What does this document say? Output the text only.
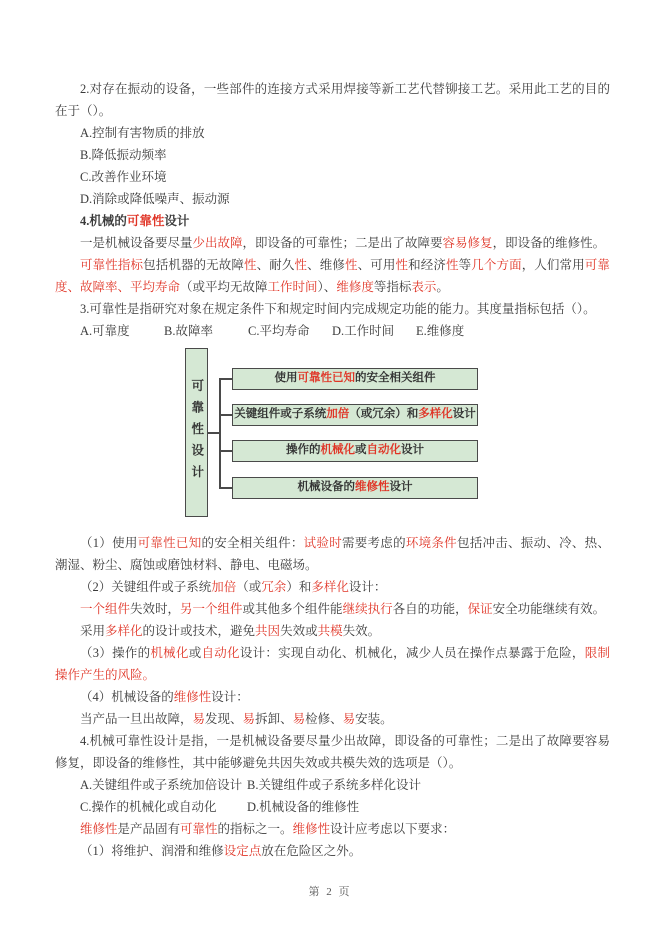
2.对存在振动的设备，一些部件的连接方式采用焊接等新工艺代替铆接工艺。采用此工艺的目的在于（）。

A.控制有害物质的排放

B.降低振动频率

C.改善作业环境

D.消除或降低噪声、振动源

4.机械的可靠性设计

一是机械设备要尽量少出故障，即设备的可靠性；二是出了故障要容易修复，即设备的维修性。

可靠性指标包括机器的无故障性、耐久性、维修性、可用性和经济性等几个方面，人们常用可靠度、故障率、平均寿命（或平均无故障工作时间）、维修度等指标表示。

3.可靠性是指研究对象在规定条件下和规定时间内完成规定功能的能力。其度量指标包括（）。

A.可靠度	B.故障率	C.平均寿命	D.工作时间	E.维修度
可靠性设计
使用 可靠性已知 的安全相关组件
关键组件或子系统 加倍 （或冗余）和 多样化 设计
操作的 机械化 或 自动化 设计
机械设备的 维修性 设计

（1）使用可靠性已知的安全相关组件：试验时需要考虑的环境条件包括冲击、振动、冷、热、潮湿、粉尘、腐蚀或磨蚀材料、静电、电磁场。

（2）关键组件或子系统加倍（或冗余）和多样化设计：

一个组件失效时，另一个组件或其他多个组件能继续执行各自的功能，保证安全功能继续有效。

采用多样化的设计或技术，避免共因失效或共模失效。

（3）操作的机械化或自动化设计：实现自动化、机械化，减少人员在操作点暴露于危险，限制操作产生的风险。

（4）机械设备的维修性设计：

当产品一旦出故障，易发现、易拆卸、易检修、易安装。

4.机械可靠性设计是指，一是机械设备要尽量少出故障，即设备的可靠性；二是出了故障要容易修复，即设备的维修性，其中能够避免共因失效或共模失效的选项是（）。

A.关键组件或子系统加倍设计 B.关键组件或子系统多样化设计
C.操作的机械化或自动化	D.机械设备的维修性

维修性是产品固有可靠性的指标之一。维修性设计应考虑以下要求：

（1）将维护、润滑和维修设定点放在危险区之外。

第 2 页
